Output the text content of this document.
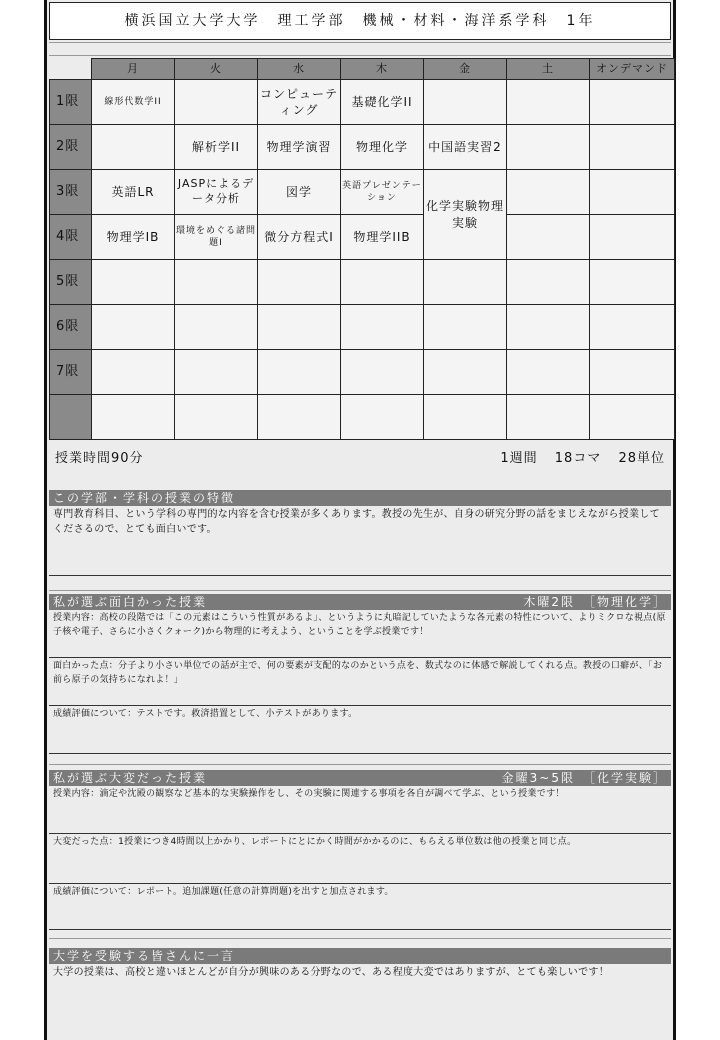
横浜国立大学大学　理工学部　機械・材料・海洋系学科　1年
	月	火	水	木	金	土	オンデマンド
1限	線形代数学II		コンピューティング	基礎化学II			
2限		解析学II	物理学演習	物理化学	中国語実習2		
3限	英語LR	JASPによるデータ分析	図学	英語プレゼンテーション	化学実験物理実験		
4限	物理学IB	環境をめぐる諸問題I	微分方程式I	物理学IIB			
5限							
6限							
7限							

授業時間90分	1週間 18コマ 28単位
この学部・学科の授業の特徴
専門教育科目、という学科の専門的な内容を含む授業が多くあります。教授の先生が、自身の研究分野の話をまじえながら授業してくださるので、とても面白いです。
私が選ぶ面白かった授業	木曜2限　［物理化学］
授業内容：高校の段階では「この元素はこういう性質があるよ」、というように丸暗記していたような各元素の特性について、よりミクロな視点(原子核や電子、さらに小さくクォーク)から物理的に考えよう、ということを学ぶ授業です！
面白かった点：分子より小さい単位での話が主で、何の要素が支配的なのかという点を、数式なのに体感で解説してくれる点。教授の口癖が、「お前ら原子の気持ちになれよ！」
成績評価について：テストです。救済措置として、小テストがあります。
私が選ぶ大変だった授業	金曜3~5限　［化学実験］
授業内容：滴定や沈殿の観察など基本的な実験操作をし、その実験に関連する事項を各自が調べて学ぶ、という授業です！
大変だった点：1授業につき4時間以上かかり、レポートにとにかく時間がかかるのに、もらえる単位数は他の授業と同じ点。
成績評価について：レポート。追加課題(任意の計算問題)を出すと加点されます。
大学を受験する皆さんに一言
大学の授業は、高校と違いほとんどが自分が興味のある分野なので、ある程度大変ではありますが、とても楽しいです！
